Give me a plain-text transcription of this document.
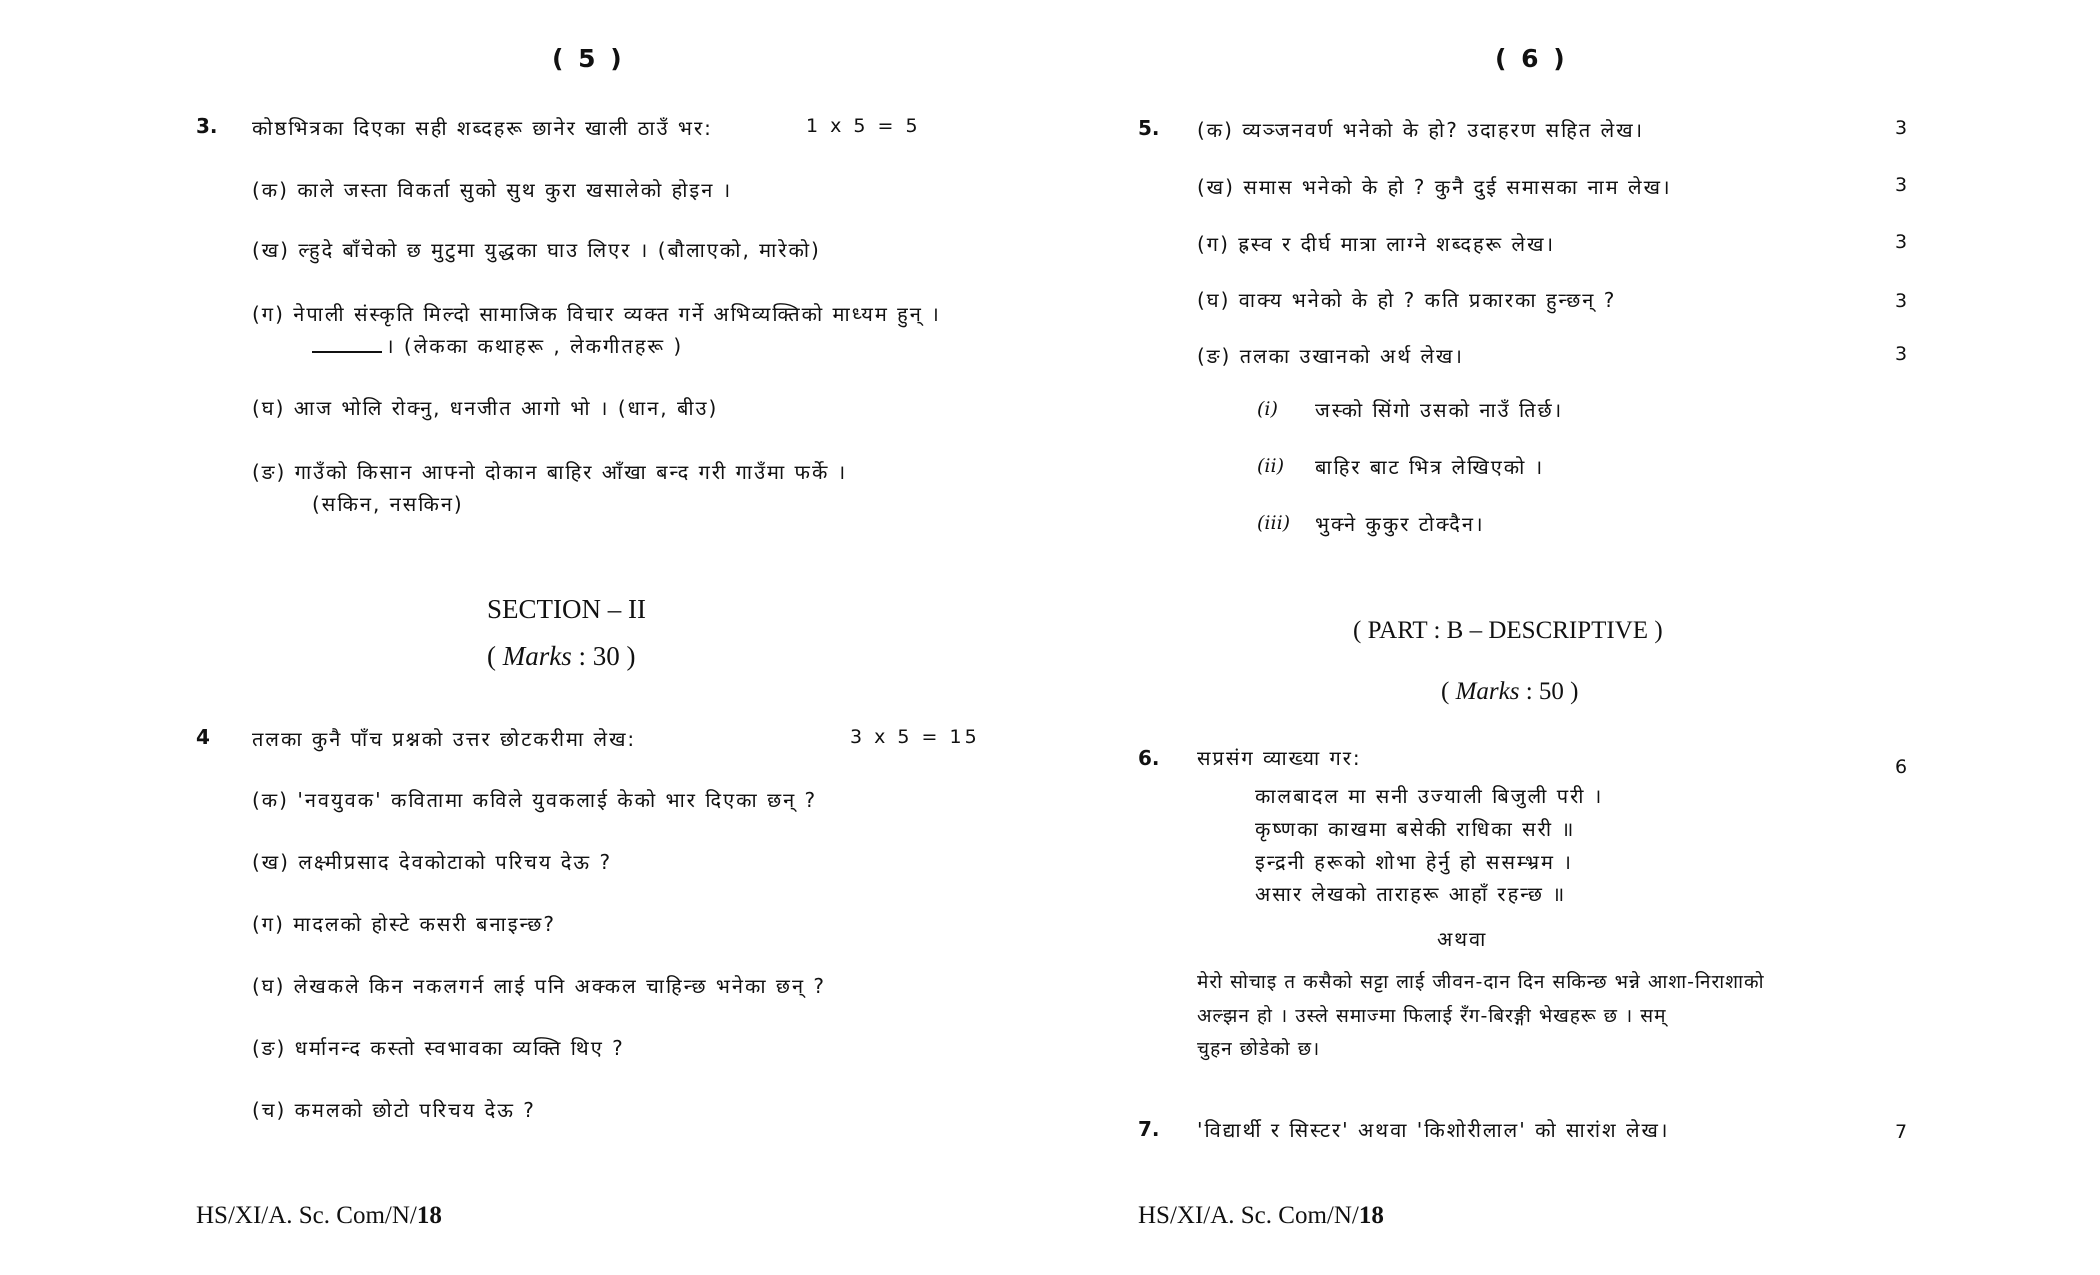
( 5 )
3. कोष्ठभित्रका दिएका सही शब्दहरू छानेर खाली ठाउँ भर:	1 x 5 = 5
(क) काले जस्ता विकर्ता सुको सुथ कुरा खसालेको होइन ।
(ख) ल्हुदे बाँचेको छ मुटुमा युद्धका घाउ लिएर । (बौलाएको, मारेको)
(ग) नेपाली संस्कृति मिल्दो सामाजिक विचार व्यक्त गर्ने अभिव्यक्तिको माध्यम हुन् ।
। (लेकका कथाहरू , लेकगीतहरू )
(घ) आज भोलि रोक्नु, धनजीत आगो भो । (धान, बीउ)
(ङ) गाउँको किसान आफ्नो दोकान बाहिर आँखा बन्द गरी गाउँमा फर्के ।
(सकिन, नसकिन)
SECTION – II
( Marks : 30 )
4 तलका कुनै पाँच प्रश्नको उत्तर छोटकरीमा लेख:	3 x 5 = 15
(क) 'नवयुवक' कवितामा कविले युवकलाई केको भार दिएका छन् ?
(ख) लक्ष्मीप्रसाद देवकोटाको परिचय देऊ ?
(ग) मादलको होस्टे कसरी बनाइन्छ?
(घ) लेखकले किन नकलगर्न लाई पनि अक्कल चाहिन्छ भनेका छन् ?
(ङ) धर्मानन्द कस्तो स्वभावका व्यक्ति थिए ?
(च) कमलको छोटो परिचय देऊ ?
HS/XI/A. Sc. Com/N/18
( 6 )
5. (क) व्यञ्जनवर्ण भनेको के हो? उदाहरण सहित लेख।	3
(ख) समास भनेको के हो ? कुनै दुई समासका नाम लेख।	3
(ग) ह्रस्व र दीर्घ मात्रा लाग्ने शब्दहरू लेख।	3
(घ) वाक्य भनेको के हो ? कति प्रकारका हुन्छन् ?	3
(ङ) तलका उखानको अर्थ लेख।	3
(i) जस्को सिंगो उसको नाउँ तिर्छ।
(ii) बाहिर बाट भित्र लेखिएको ।
(iii) भुक्ने कुकुर टोक्दैन।
( PART : B – DESCRIPTIVE )
( Marks : 50 )
6. सप्रसंग व्याख्या गर:	6
कालबादल मा सनी उज्याली बिजुली परी ।
कृष्णका काखमा बसेकी राधिका सरी ॥
इन्द्रनी हरूको शोभा हेर्नु हो ससम्भ्रम ।
असार लेखको ताराहरू आहाँ रहन्छ ॥
अथवा
मेरो सोचाइ त कसैको सट्टा लाई जीवन-दान दिन सकिन्छ भन्ने आशा-निराशाको
अल्झन हो । उस्ले समाज्मा फिलाई रँग-बिरङ्गी भेखहरू छ । सम्
चुहन छोडेको छ।
7. 'विद्यार्थी र सिस्टर' अथवा 'किशोरीलाल' को सारांश लेख।	7
HS/XI/A. Sc. Com/N/18
